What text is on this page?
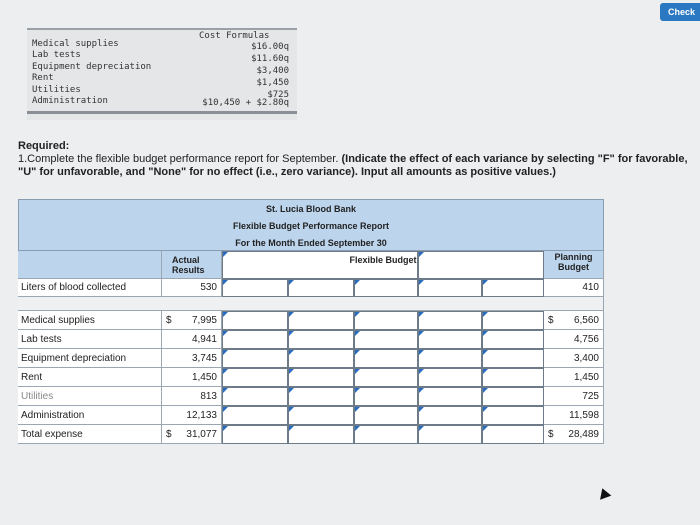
Check
Cost Formulas
Medical supplies	$16.00q
Lab tests	$11.60q
Equipment depreciation	$3,400
Rent	$1,450
Utilities	$725
Administration	$10,450 + $2.80q
Required:
1.Complete the flexible budget performance report for September. (Indicate the effect of each variance by selecting "F" for favorable, "U" for unfavorable, and "None" for no effect (i.e., zero variance). Input all amounts as positive values.)
St. Lucia Blood Bank
Flexible Budget Performance Report
For the Month Ended September 30
Actual Results
Flexible Budget	Planning Budget
Liters of blood collected	530	410
Medical supplies	$ 7,995	$ 6,560
Lab tests	4,941	4,756
Equipment depreciation	3,745	3,400
Rent	1,450	1,450
Utilities	813	725
Administration	12,133	11,598
Total expense	$ 31,077	$ 28,489
